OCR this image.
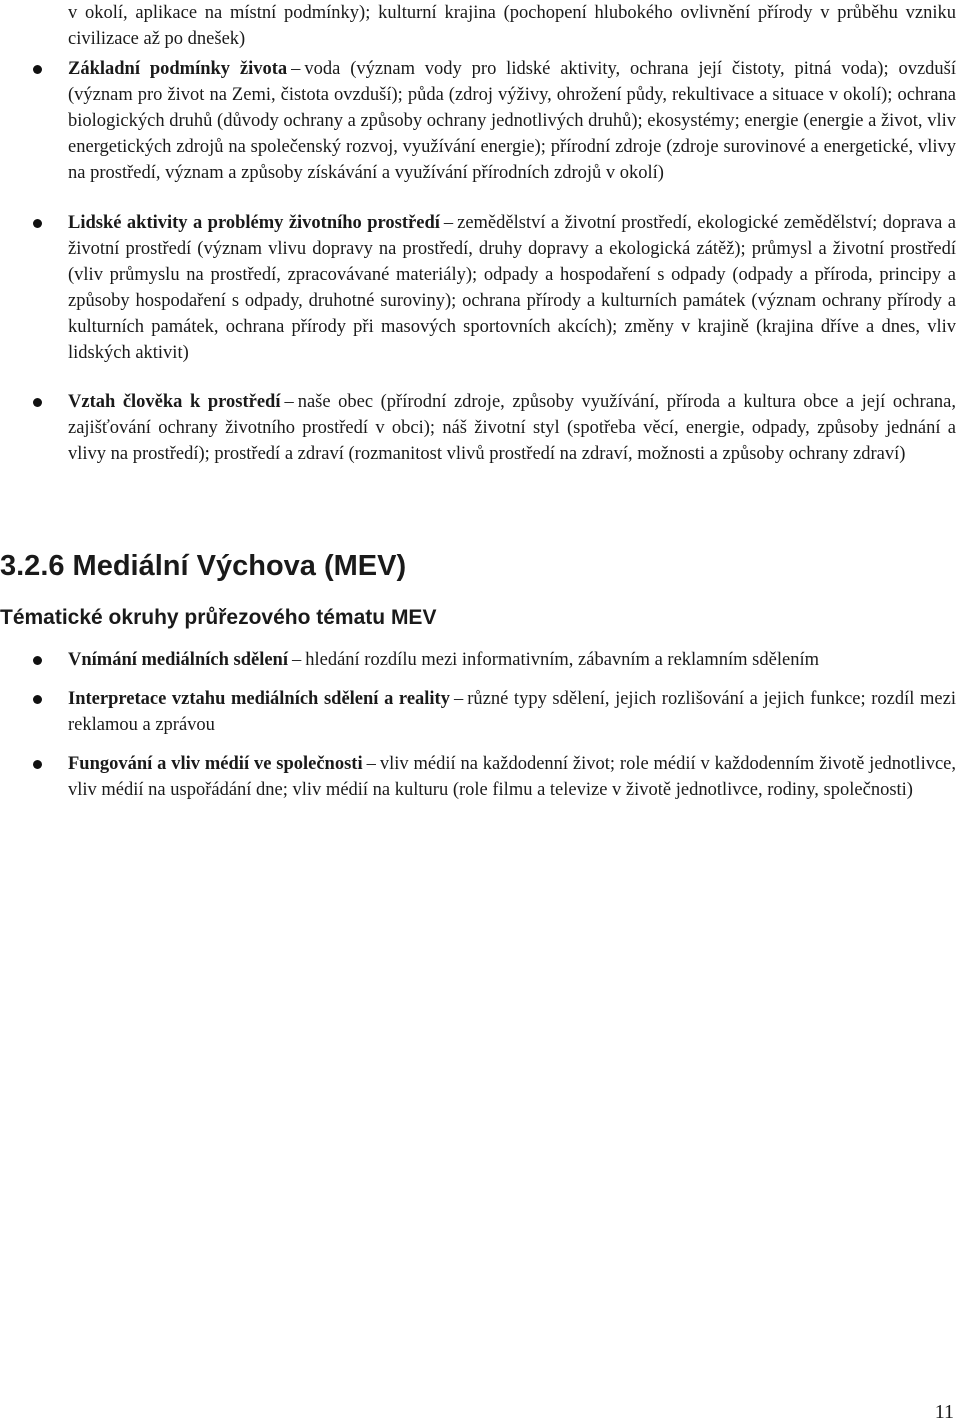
v okolí, aplikace na místní podmínky); kulturní krajina (pochopení hlubokého ovlivnění přírody v průběhu vzniku civilizace až po dnešek)

Základní podmínky života – voda (význam vody pro lidské aktivity, ochrana její čistoty, pitná voda); ovzduší (význam pro život na Zemi, čistota ovzduší); půda (zdroj výživy, ohrožení půdy, rekultivace a situace v okolí); ochrana biologických druhů (důvody ochrany a způsoby ochrany jednotlivých druhů); ekosystémy; energie (energie a život, vliv energetických zdrojů na společenský rozvoj, využívání energie); přírodní zdroje (zdroje surovinové a energetické, vlivy na prostředí, význam a způsoby získávání a využívání přírodních zdrojů v okolí)
Lidské aktivity a problémy životního prostředí – zemědělství a životní prostředí, ekologické zemědělství; doprava a životní prostředí (význam vlivu dopravy na prostředí, druhy dopravy a ekologická zátěž); průmysl a životní prostředí (vliv průmyslu na prostředí, zpracovávané materiály); odpady a hospodaření s odpady (odpady a příroda, principy a způsoby hospodaření s odpady, druhotné suroviny); ochrana přírody a kulturních památek (význam ochrany přírody a kulturních památek, ochrana přírody při masových sportovních akcích); změny v krajině (krajina dříve a dnes, vliv lidských aktivit)
Vztah člověka k prostředí – naše obec (přírodní zdroje, způsoby využívání, příroda a kultura obce a její ochrana, zajišťování ochrany životního prostředí v obci); náš životní styl (spotřeba věcí, energie, odpady, způsoby jednání a vlivy na prostředí); prostředí a zdraví (rozmanitost vlivů prostředí na zdraví, možnosti a způsoby ochrany zdraví)
3.2.6 Mediální Výchova (MEV)
Tématické okruhy průřezového tématu MEV
Vnímání mediálních sdělení – hledání rozdílu mezi informativním, zábavním a reklamním sdělením
Interpretace vztahu mediálních sdělení a reality – různé typy sdělení, jejich rozlišování a jejich funkce; rozdíl mezi reklamou a zprávou
Fungování a vliv médií ve společnosti – vliv médií na každodenní život; role médií v každodenním životě jednotlivce, vliv médií na uspořádání dne; vliv médií na kulturu (role filmu a televize v životě jednotlivce, rodiny, společnosti)
11
